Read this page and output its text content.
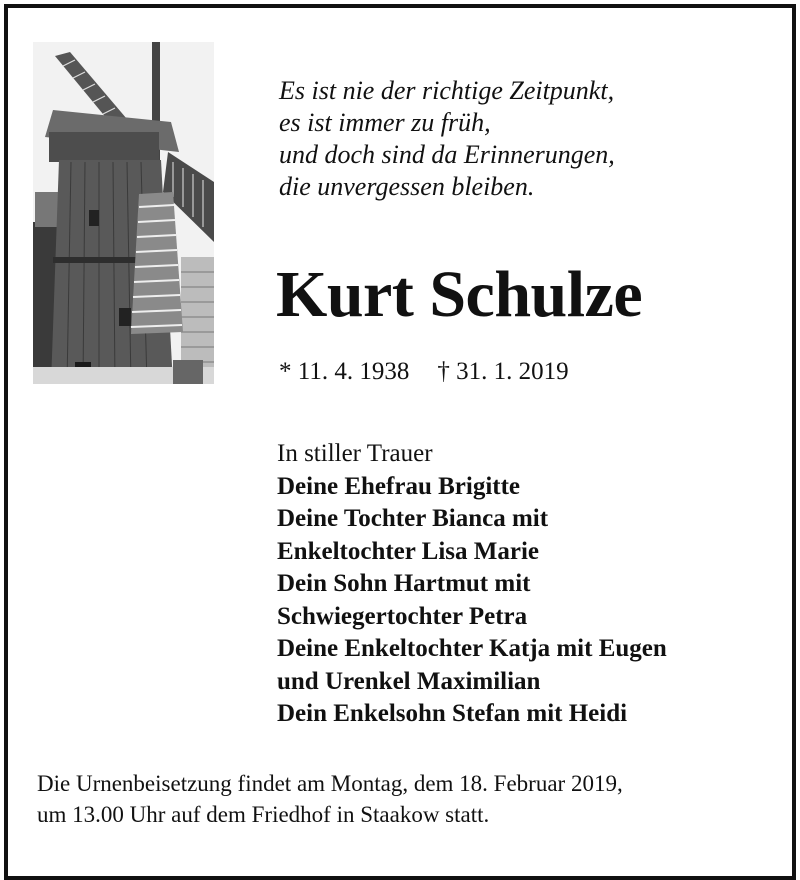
Es ist nie der richtige Zeitpunkt,
es ist immer zu früh,
und doch sind da Erinnerungen,
die unvergessen bleiben.
Kurt Schulze
* 11. 4. 1938 † 31. 1. 2019
In stiller Trauer
Deine Ehefrau Brigitte
Deine Tochter Bianca mit
Enkeltochter Lisa Marie
Dein Sohn Hartmut mit
Schwiegertochter Petra
Deine Enkeltochter Katja mit Eugen
und Urenkel Maximilian
Dein Enkelsohn Stefan mit Heidi
Die Urnenbeisetzung findet am Montag, dem 18. Februar 2019,
um 13.00 Uhr auf dem Friedhof in Staakow statt.
